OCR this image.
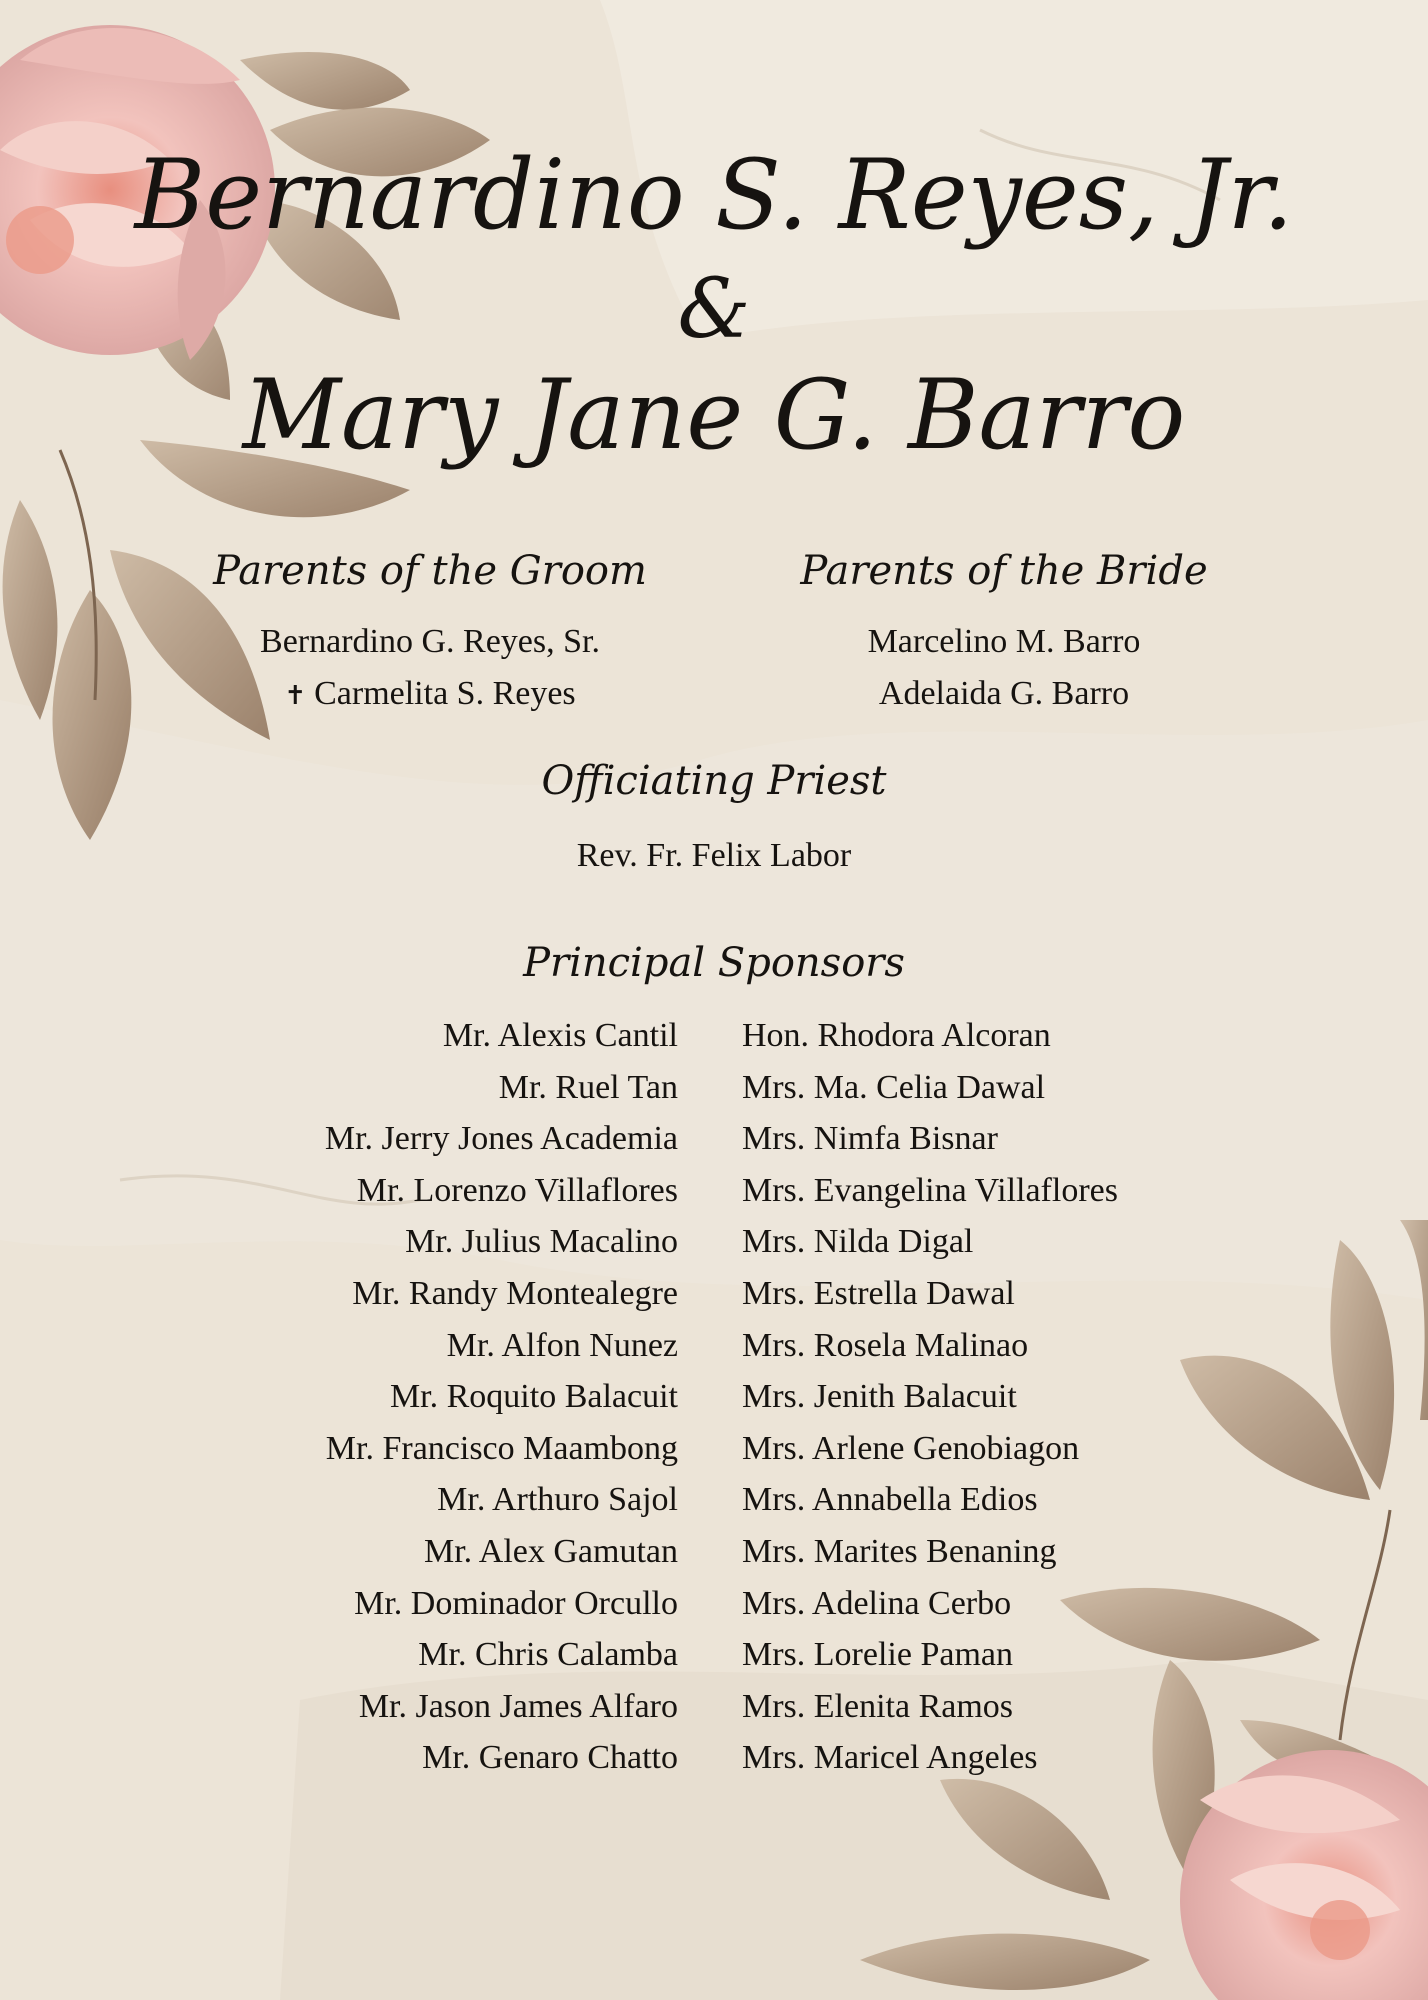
Bernardino S. Reyes, Jr.
&
Mary Jane G. Barro
Parents of the Groom
Bernardino G. Reyes, Sr.
✝ Carmelita S. Reyes
Parents of the Bride
Marcelino M. Barro
Adelaida G. Barro
Officiating Priest
Rev. Fr. Felix Labor
Principal Sponsors
Mr. Alexis Cantil
Mr. Ruel Tan
Mr. Jerry Jones Academia
Mr. Lorenzo Villaflores
Mr. Julius Macalino
Mr. Randy Montealegre
Mr. Alfon Nunez
Mr. Roquito Balacuit
Mr. Francisco Maambong
Mr. Arthuro Sajol
Mr. Alex Gamutan
Mr. Dominador Orcullo
Mr. Chris Calamba
Mr. Jason James Alfaro
Mr. Genaro Chatto
Hon. Rhodora Alcoran
Mrs. Ma. Celia Dawal
Mrs. Nimfa Bisnar
Mrs. Evangelina Villaflores
Mrs. Nilda Digal
Mrs. Estrella Dawal
Mrs. Rosela Malinao
Mrs. Jenith Balacuit
Mrs. Arlene Genobiagon
Mrs. Annabella Edios
Mrs. Marites Benaning
Mrs. Adelina Cerbo
Mrs. Lorelie Paman
Mrs. Elenita Ramos
Mrs. Maricel Angeles
